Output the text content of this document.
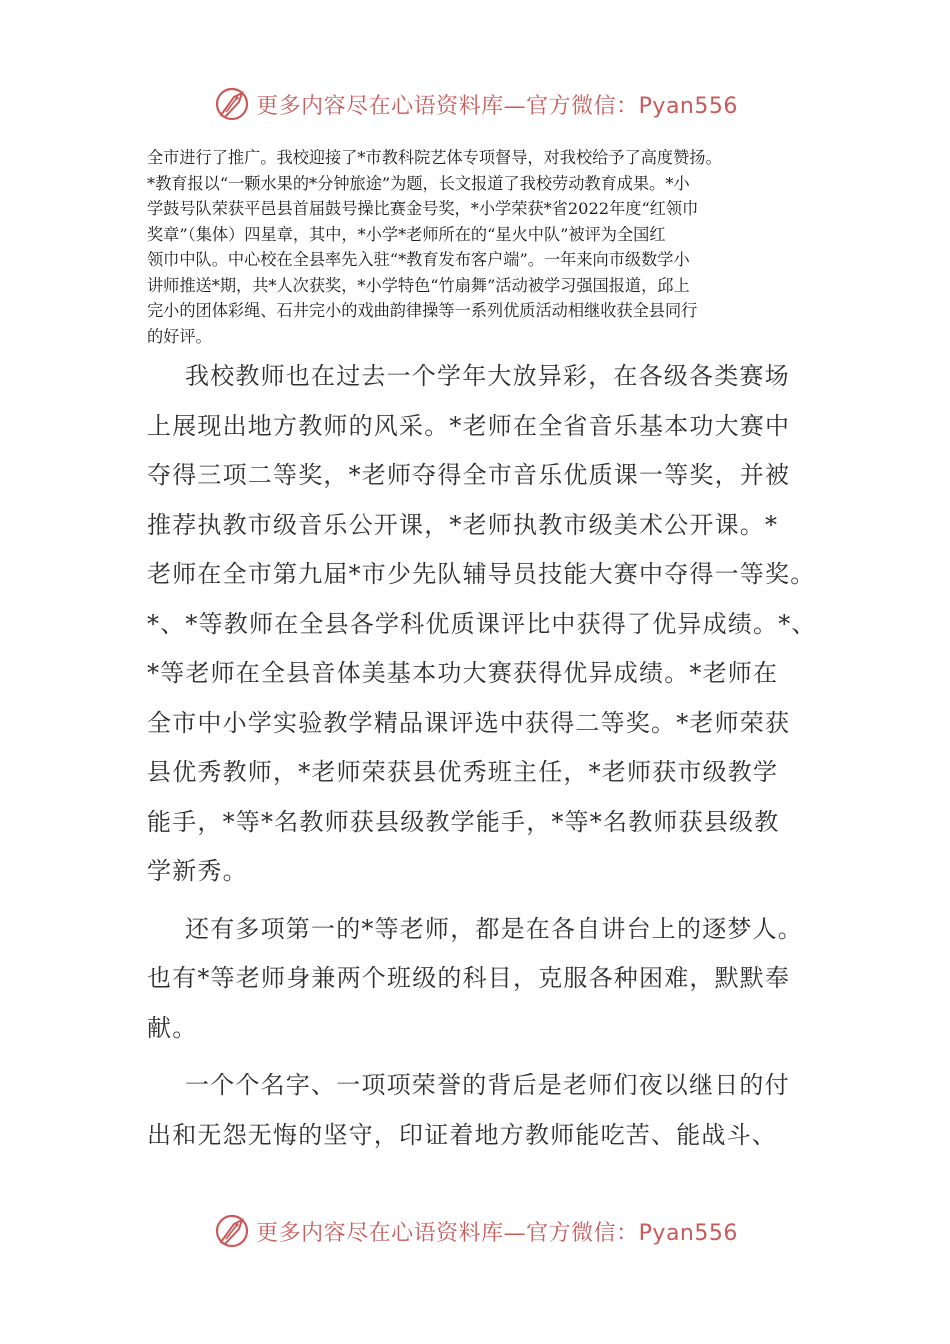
更多内容尽在心语资料库—官方微信：Pyan556
全市进行了推广。我校迎接了*市教科院艺体专项督导，对我校给予了高度赞扬。
*教育报以“一颗水果的*分钟旅途”为题，长文报道了我校劳动教育成果。*小
学鼓号队荣获平邑县首届鼓号操比赛金号奖，*小学荣获*省2022年度“红领巾
奖章”（集体）四星章，其中，*小学*老师所在的“星火中队”被评为全国红
领巾中队。中心校在全县率先入驻“*教育发布客户端”。一年来向市级数学小
讲师推送*期，共*人次获奖，*小学特色“竹扇舞”活动被学习强国报道，邱上
完小的团体彩绳、石井完小的戏曲韵律操等一系列优质活动相继收获全县同行
的好评。

我校教师也在过去一个学年大放异彩，在各级各类赛场
上展现出地方教师的风采。*老师在全省音乐基本功大赛中
夺得三项二等奖，*老师夺得全市音乐优质课一等奖，并被
推荐执教市级音乐公开课，*老师执教市级美术公开课。*
老师在全市第九届*市少先队辅导员技能大赛中夺得一等奖。
*、*等教师在全县各学科优质课评比中获得了优异成绩。*、
*等老师在全县音体美基本功大赛获得优异成绩。*老师在
全市中小学实验教学精品课评选中获得二等奖。*老师荣获
县优秀教师，*老师荣获县优秀班主任，*老师获市级教学
能手，*等*名教师获县级教学能手，*等*名教师获县级教
学新秀。

还有多项第一的*等老师，都是在各自讲台上的逐梦人。
也有*等老师身兼两个班级的科目，克服各种困难，默默奉
献。

一个个名字、一项项荣誉的背后是老师们夜以继日的付
出和无怨无悔的坚守，印证着地方教师能吃苦、能战斗、

更多内容尽在心语资料库—官方微信：Pyan556
